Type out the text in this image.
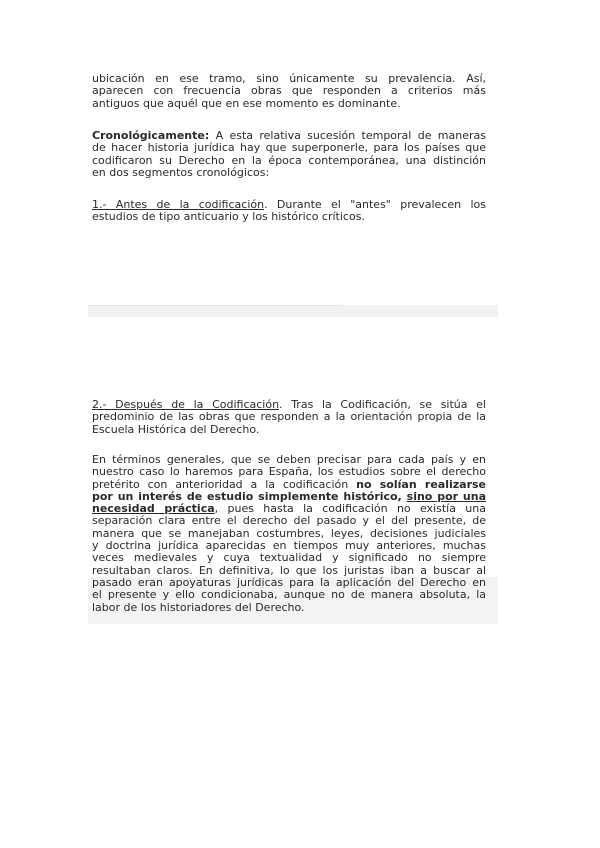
ubicación en ese tramo, sino únicamente su prevalencia. Así,
aparecen con frecuencia obras que responden a criterios más
antiguos que aquél que en ese momento es dominante.
Cronológicamente: A esta relativa sucesión temporal de maneras
de hacer historia jurídica hay que superponerle, para los países que
codificaron su Derecho en la época contemporánea, una distinción
en dos segmentos cronológicos:
1.- Antes de la codificación. Durante el "antes" prevalecen los
estudios de tipo anticuario y los histórico críticos.
2.- Después de la Codificación. Tras la Codificación, se sitúa el
predominio de las obras que responden a la orientación propia de la
Escuela Histórica del Derecho.
En términos generales, que se deben precisar para cada país y en
nuestro caso lo haremos para España, los estudios sobre el derecho
pretérito con anterioridad a la codificación no solían realizarse
por un interés de estudio simplemente histórico, sino por una
necesidad práctica, pues hasta la codificación no existía una
separación clara entre el derecho del pasado y el del presente, de
manera que se manejaban costumbres, leyes, decisiones judiciales
y doctrina jurídica aparecidas en tiempos muy anteriores, muchas
veces medievales y cuya textualidad y significado no siempre
resultaban claros. En definitiva, lo que los juristas iban a buscar al
pasado eran apoyaturas jurídicas para la aplicación del Derecho en
el presente y ello condicionaba, aunque no de manera absoluta, la
labor de los historiadores del Derecho.
